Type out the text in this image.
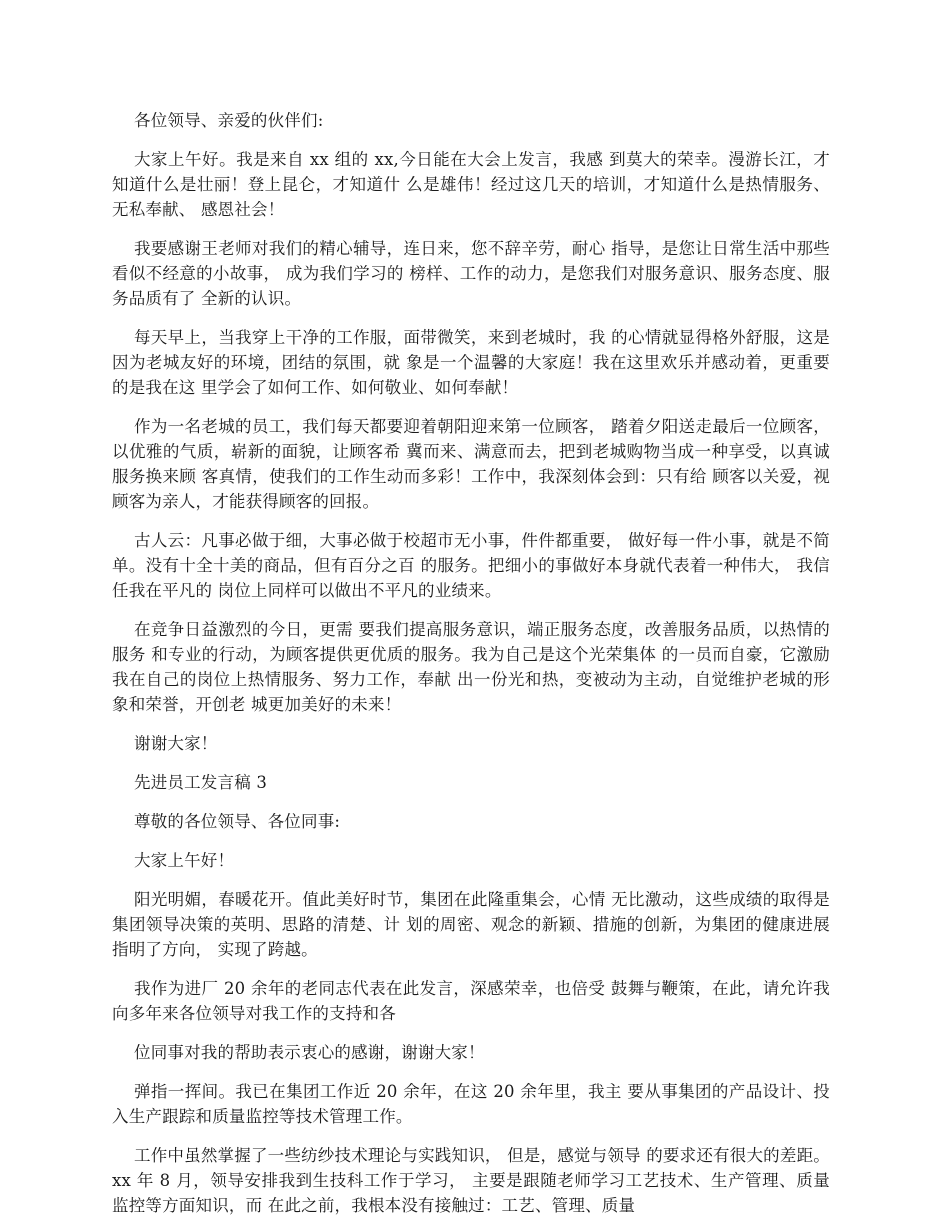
各位领导、亲爱的伙伴们:

大家上午好。我是来自 xx 组的 xx,今日能在大会上发言，我感 到莫大的荣幸。漫游长江，才知道什么是壮丽！登上昆仑，才知道什 么是雄伟！经过这几天的培训，才知道什么是热情服务、无私奉献、 感恩社会！

我要感谢王老师对我们的精心辅导，连日来，您不辞辛劳，耐心 指导，是您让日常生活中那些看似不经意的小故事， 成为我们学习的 榜样、工作的动力，是您我们对服务意识、服务态度、服务品质有了 全新的认识。

每天早上，当我穿上干净的工作服，面带微笑，来到老城时，我 的心情就显得格外舒服，这是因为老城友好的环境，团结的氛围，就 象是一个温馨的大家庭！我在这里欢乐并感动着，更重要的是我在这 里学会了如何工作、如何敬业、如何奉献！

作为一名老城的员工，我们每天都要迎着朝阳迎来第一位顾客， 踏着夕阳送走最后一位顾客，以优雅的气质，崭新的面貌，让顾客希 冀而来、满意而去，把到老城购物当成一种享受，以真诚服务换来顾 客真情，使我们的工作生动而多彩！工作中，我深刻体会到：只有给 顾客以关爱，视顾客为亲人，才能获得顾客的回报。

古人云：凡事必做于细，大事必做于校超市无小事，件件都重要， 做好每一件小事，就是不简单。没有十全十美的商品，但有百分之百 的服务。把细小的事做好本身就代表着一种伟大， 我信任我在平凡的 岗位上同样可以做出不平凡的业绩来。

在竞争日益激烈的今日，更需 要我们提高服务意识，端正服务态度，改善服务品质，以热情的服务 和专业的行动，为顾客提供更优质的服务。我为自己是这个光荣集体 的一员而自豪，它激励我在自己的岗位上热情服务、努力工作，奉献 出一份光和热，变被动为主动，自觉维护老城的形象和荣誉，开创老 城更加美好的未来！

谢谢大家！

先进员工发言稿 3

尊敬的各位领导、各位同事:

大家上午好！

阳光明媚，春暖花开。值此美好时节，集团在此隆重集会，心情 无比激动，这些成绩的取得是集团领导决策的英明、思路的清楚、计 划的周密、观念的新颖、措施的创新，为集团的健康进展指明了方向， 实现了跨越。

我作为进厂 20 余年的老同志代表在此发言，深感荣幸，也倍受 鼓舞与鞭策，在此，请允许我向多年来各位领导对我工作的支持和各

位同事对我的帮助表示衷心的感谢，谢谢大家！

弹指一挥间。我已在集团工作近 20 余年，在这 20 余年里，我主 要从事集团的产品设计、投入生产跟踪和质量监控等技术管理工作。

工作中虽然掌握了一些纺纱技术理论与实践知识， 但是，感觉与领导 的要求还有很大的差距。xx 年 8 月，领导安排我到生技科工作于学习， 主要是跟随老师学习工艺技术、生产管理、质量监控等方面知识，而 在此之前，我根本没有接触过：工艺、管理、质量
